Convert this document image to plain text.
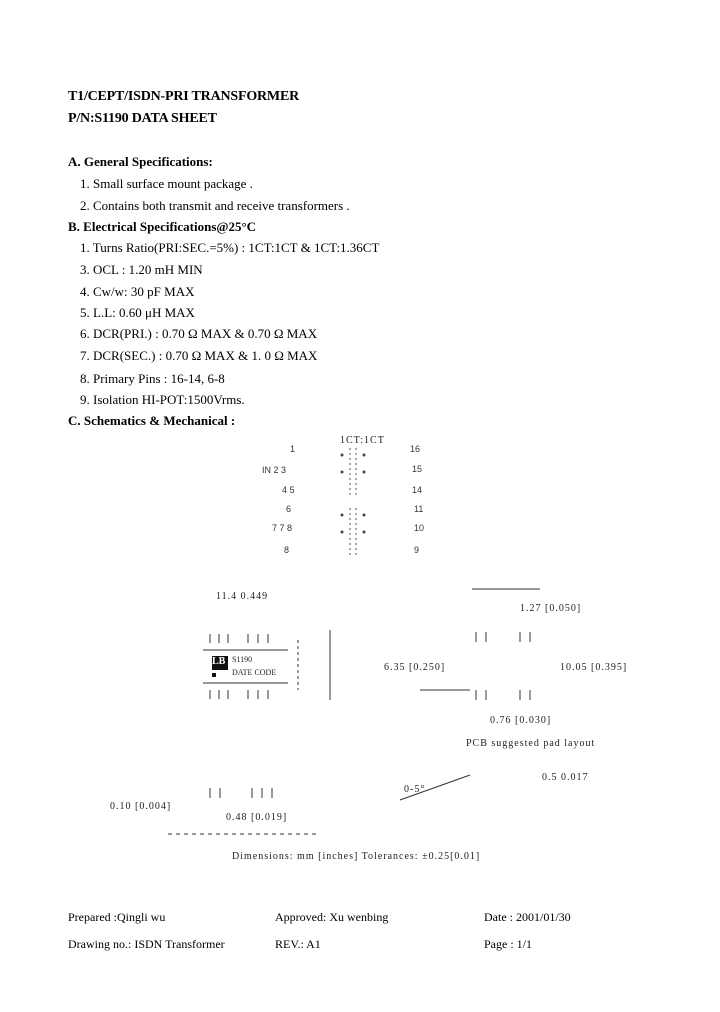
T1/CEPT/ISDN-PRI TRANSFORMER
P/N:S1190 DATA SHEET
A. General Specifications:
1. Small surface mount package .
2. Contains both transmit and receive transformers .
B. Electrical Specifications@25°C
1. Turns Ratio(PRI:SEC.=5%) : 1CT:1CT & 1CT:1.36CT
3. OCL : 1.20 mH MIN
4. Cw/w: 30 pF MAX
5. L.L: 0.60 μH MAX
6. DCR(PRI.) : 0.70 Ω MAX & 0.70 Ω MAX
7. DCR(SEC.) : 0.70 Ω MAX & 1. 0 Ω MAX
8. Primary Pins : 16-14, 6-8
9. Isolation HI-POT:1500Vrms.
C. Schematics & Mechanical :
1
IN 2 3
4 5
6
7 7 8
8
16
15
14
11
10
9
1CT:1CT
11.4 0.449
1.27 [0.050]
6.35 [0.250]	10.05 [0.395]
0.76 [0.030]
PCB suggested pad layout
0.48 [0.019]
0.10 [0.004]
0.5 0.017
0-5°
S1190
DATE CODE
LB
Dimensions: mm [inches] Tolerances: ±0.25[0.01]
Prepared :Qingli wu	Approved: Xu wenbing	Date : 2001/01/30
Drawing no.: ISDN Transformer	REV.: A1	Page : 1/1
